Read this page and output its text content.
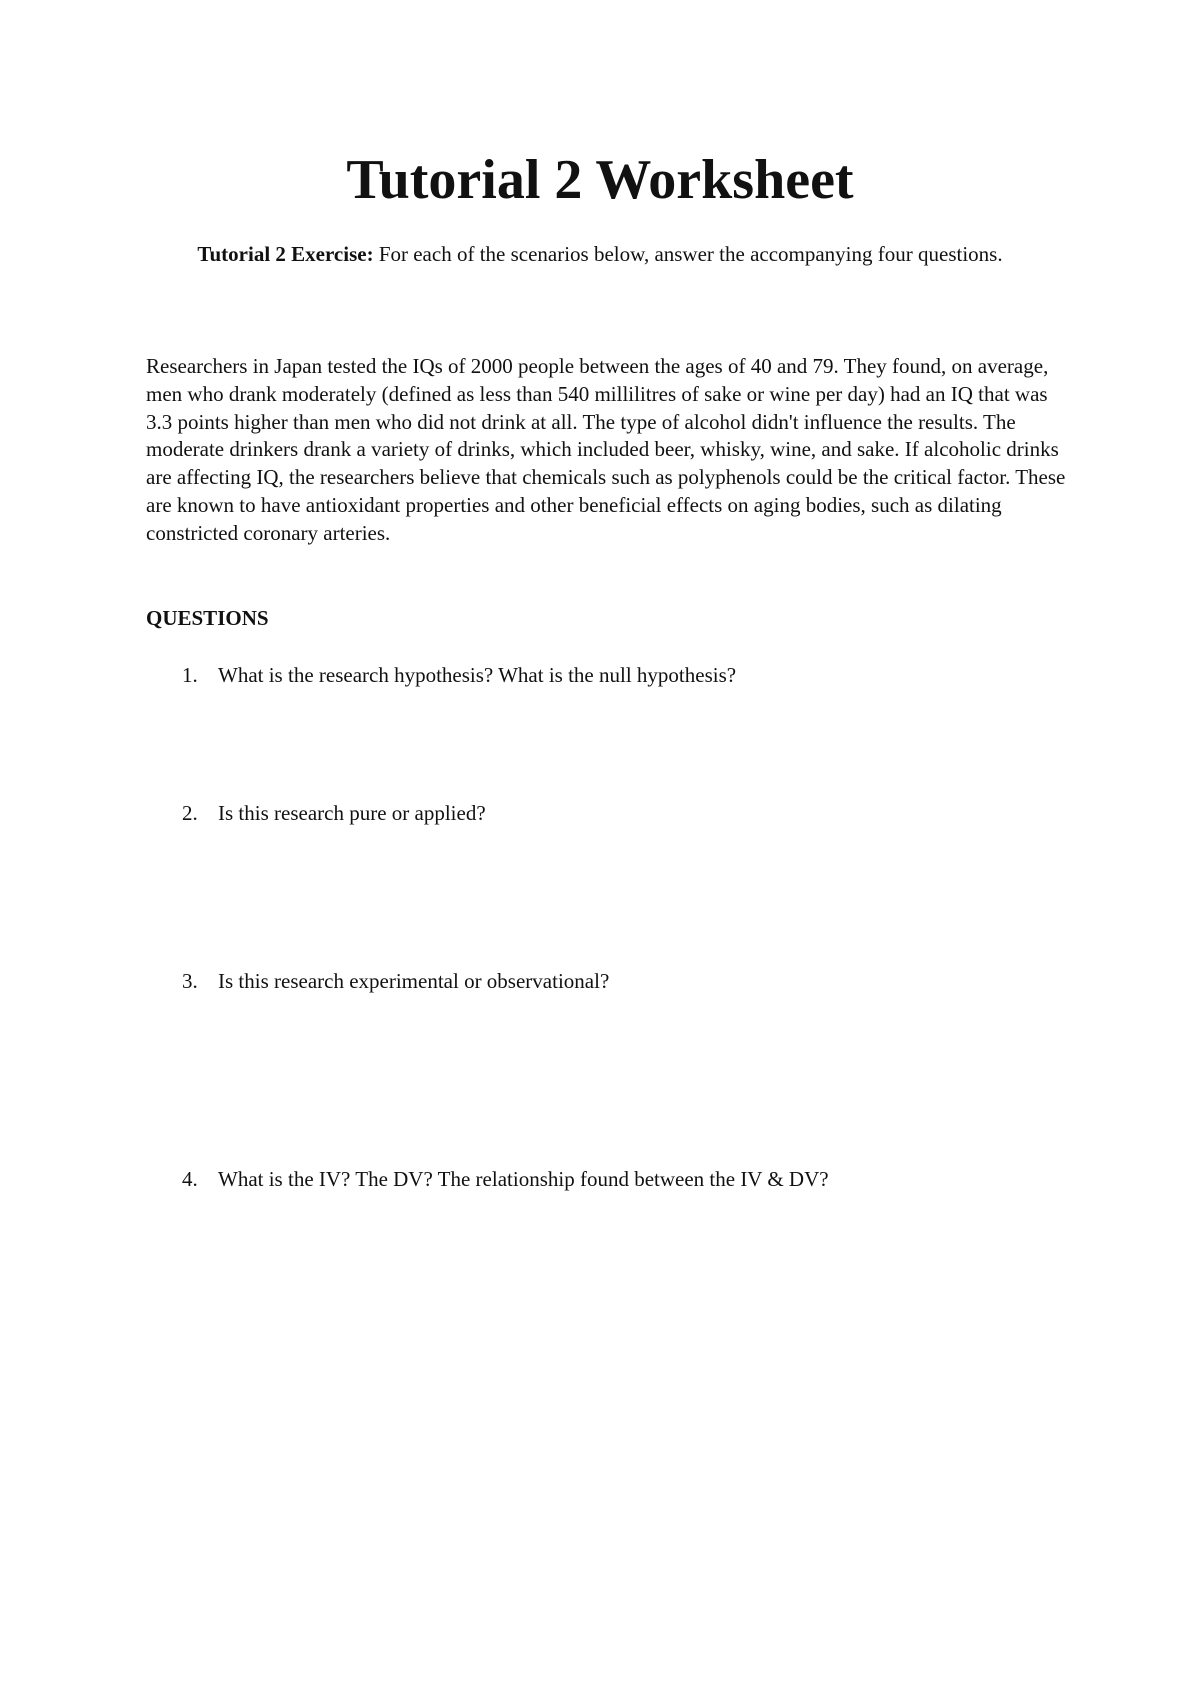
Tutorial 2 Worksheet

Tutorial 2 Exercise: For each of the scenarios below, answer the accompanying four questions.

Researchers in Japan tested the IQs of 2000 people between the ages of 40 and 79. They found, on average, men who drank moderately (defined as less than 540 millilitres of sake or wine per day) had an IQ that was 3.3 points higher than men who did not drink at all. The type of alcohol didn't influence the results. The moderate drinkers drank a variety of drinks, which included beer, whisky, wine, and sake. If alcoholic drinks are affecting IQ, the researchers believe that chemicals such as polyphenols could be the critical factor. These are known to have antioxidant properties and other beneficial effects on aging bodies, such as dilating constricted coronary arteries.

QUESTIONS

1. What is the research hypothesis? What is the null hypothesis?
2. Is this research pure or applied?
3. Is this research experimental or observational?
4. What is the IV? The DV? The relationship found between the IV & DV?
